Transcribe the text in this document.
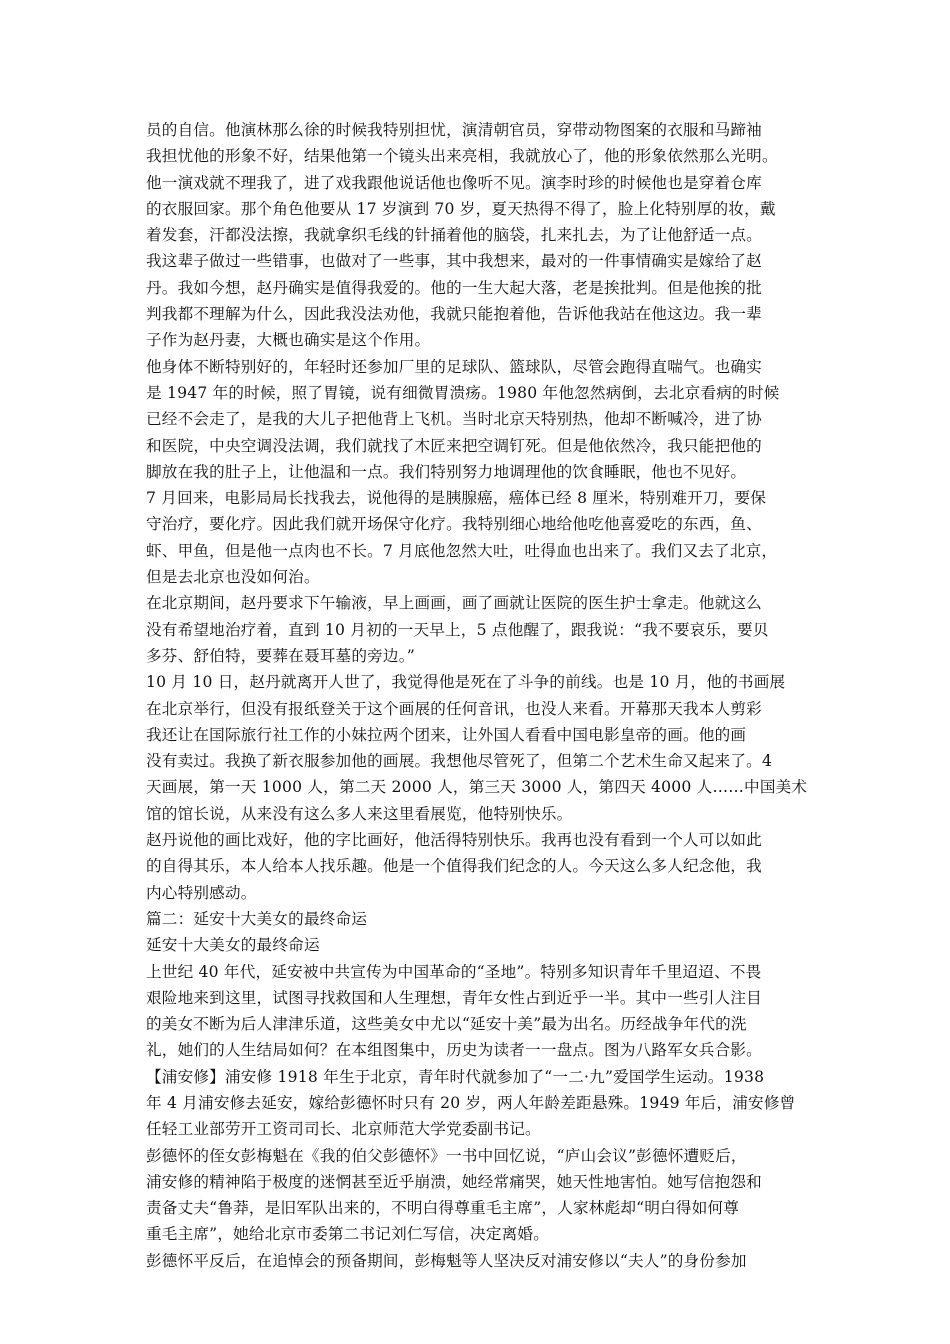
员的自信。他演林那么徐的时候我特别担忧，演清朝官员，穿带动物图案的衣服和马蹄袖
我担忧他的形象不好，结果他第一个镜头出来亮相，我就放心了，他的形象依然那么光明。
他一演戏就不理我了，进了戏我跟他说话他也像听不见。演李时珍的时候他也是穿着仓库
的衣服回家。那个角色他要从 17 岁演到 70 岁，夏天热得不得了，脸上化特别厚的妆，戴
着发套，汗都没法擦，我就拿织毛线的针捅着他的脑袋，扎来扎去，为了让他舒适一点。
我这辈子做过一些错事，也做对了一些事，其中我想来，最对的一件事情确实是嫁给了赵
丹。我如今想，赵丹确实是值得我爱的。他的一生大起大落，老是挨批判。但是他挨的批
判我都不理解为什么，因此我没法劝他，我就只能抱着他，告诉他我站在他这边。我一辈
子作为赵丹妻，大概也确实是这个作用。
他身体不断特别好的，年轻时还参加厂里的足球队、篮球队，尽管会跑得直喘气。也确实
是 1947 年的时候，照了胃镜，说有细微胃溃疡。1980 年他忽然病倒，去北京看病的时候
已经不会走了，是我的大儿子把他背上飞机。当时北京天特别热，他却不断喊冷，进了协
和医院，中央空调没法调，我们就找了木匠来把空调钉死。但是他依然冷，我只能把他的
脚放在我的肚子上，让他温和一点。我们特别努力地调理他的饮食睡眠，他也不见好。
7 月回来，电影局局长找我去，说他得的是胰腺癌，癌体已经 8 厘米，特别难开刀，要保
守治疗，要化疗。因此我们就开场保守化疗。我特别细心地给他吃他喜爱吃的东西，鱼、
虾、甲鱼，但是他一点肉也不长。7 月底他忽然大吐，吐得血也出来了。我们又去了北京，
但是去北京也没如何治。
在北京期间，赵丹要求下午输液，早上画画，画了画就让医院的医生护士拿走。他就这么
没有希望地治疗着，直到 10 月初的一天早上，5 点他醒了，跟我说：“我不要哀乐，要贝
多芬、舒伯特，要葬在聂耳墓的旁边。”
10 月 10 日，赵丹就离开人世了，我觉得他是死在了斗争的前线。也是 10 月，他的书画展
在北京举行，但没有报纸登关于这个画展的任何音讯，也没人来看。开幕那天我本人剪彩
我还让在国际旅行社工作的小妹拉两个团来，让外国人看看中国电影皇帝的画。他的画
没有卖过。我换了新衣服参加他的画展。我想他尽管死了，但第二个艺术生命又起来了。4
天画展，第一天 1000 人，第二天 2000 人，第三天 3000 人，第四天 4000 人……中国美术
馆的馆长说，从来没有这么多人来这里看展览，他特别快乐。
赵丹说他的画比戏好，他的字比画好，他活得特别快乐。我再也没有看到一个人可以如此
的自得其乐，本人给本人找乐趣。他是一个值得我们纪念的人。今天这么多人纪念他，我
内心特别感动。
篇二：延安十大美女的最终命运
延安十大美女的最终命运
上世纪 40 年代，延安被中共宣传为中国革命的“圣地”。特别多知识青年千里迢迢、不畏
艰险地来到这里，试图寻找救国和人生理想，青年女性占到近乎一半。其中一些引人注目
的美女不断为后人津津乐道，这些美女中尤以“延安十美”最为出名。历经战争年代的洗
礼，她们的人生结局如何？在本组图集中，历史为读者一一盘点。图为八路军女兵合影。
【浦安修】浦安修 1918 年生于北京，青年时代就参加了“一二·九”爱国学生运动。1938
年 4 月浦安修去延安，嫁给彭德怀时只有 20 岁，两人年龄差距悬殊。1949 年后，浦安修曾
任轻工业部劳开工资司司长、北京师范大学党委副书记。
彭德怀的侄女彭梅魁在《我的伯父彭德怀》一书中回忆说，“庐山会议”彭德怀遭贬后，
浦安修的精神陷于极度的迷惘甚至近乎崩溃，她经常痛哭，她天性地害怕。她写信抱怨和
责备丈夫“鲁莽，是旧军队出来的，不明白得尊重毛主席”，人家林彪却“明白得如何尊
重毛主席”，她给北京市委第二书记刘仁写信，决定离婚。
彭德怀平反后，在追悼会的预备期间，彭梅魁等人坚决反对浦安修以“夫人”的身份参加
